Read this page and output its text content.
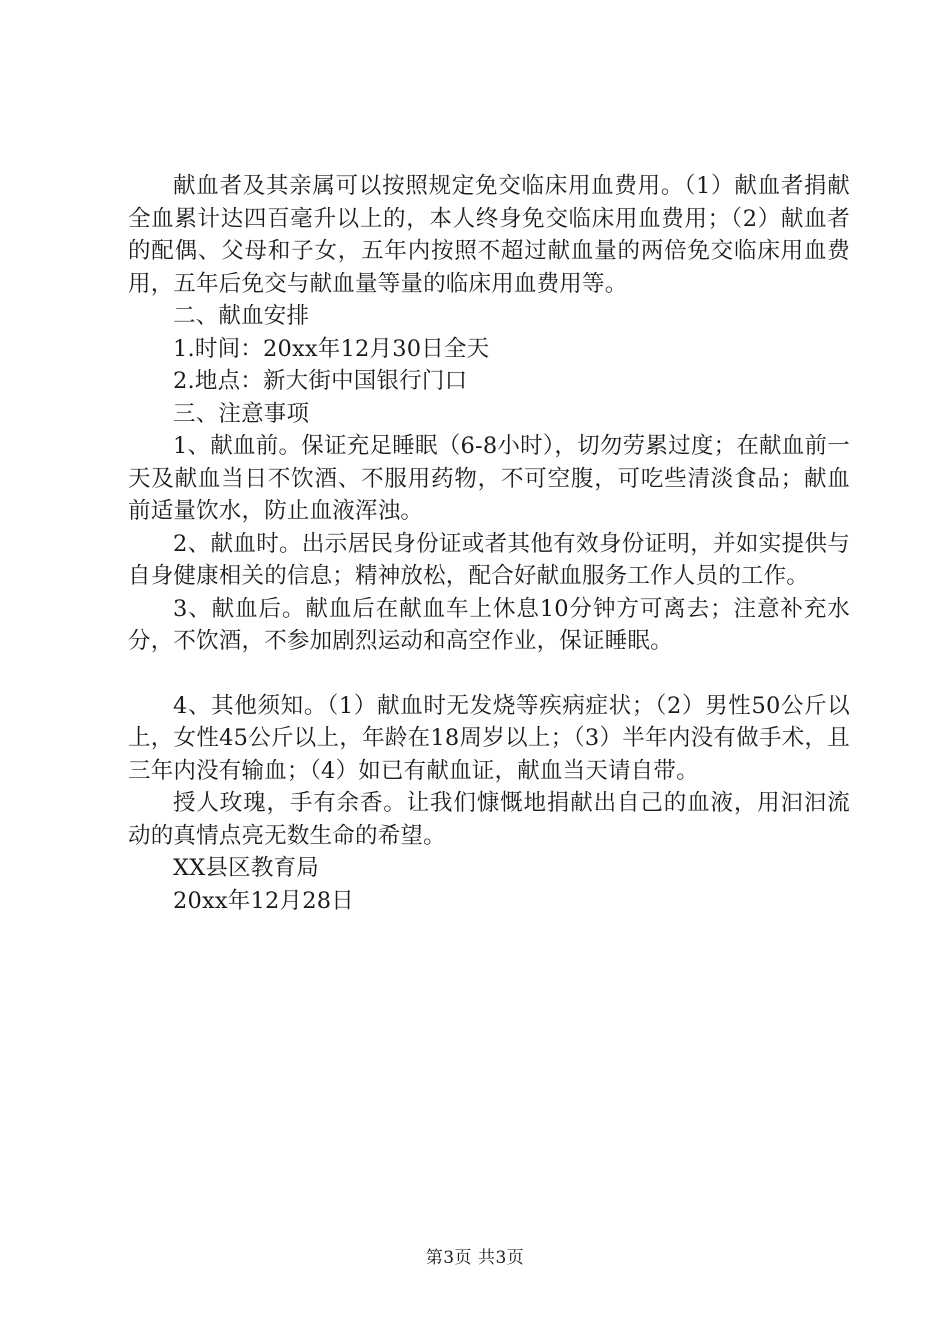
献血者及其亲属可以按照规定免交临床用血费用。（1）献血者捐献全血累计达四百毫升以上的，本人终身免交临床用血费用；（2）献血者的配偶、父母和子女，五年内按照不超过献血量的两倍免交临床用血费用，五年后免交与献血量等量的临床用血费用等。

二、献血安排

1.时间：20xx年12月30日全天

2.地点：新大街中国银行门口

三、注意事项

1、献血前。保证充足睡眠（6-8小时），切勿劳累过度；在献血前一天及献血当日不饮酒、不服用药物，不可空腹，可吃些清淡食品；献血前适量饮水，防止血液浑浊。

2、献血时。出示居民身份证或者其他有效身份证明，并如实提供与自身健康相关的信息；精神放松，配合好献血服务工作人员的工作。

3、献血后。献血后在献血车上休息10分钟方可离去；注意补充水分，不饮酒，不参加剧烈运动和高空作业，保证睡眠。

4、其他须知。（1）献血时无发烧等疾病症状；（2）男性50公斤以上，女性45公斤以上，年龄在18周岁以上；（3）半年内没有做手术，且三年内没有输血；（4）如已有献血证，献血当天请自带。

授人玫瑰，手有余香。让我们慷慨地捐献出自己的血液，用汩汩流动的真情点亮无数生命的希望。

XX县区教育局

20xx年12月28日

第3页 共3页
